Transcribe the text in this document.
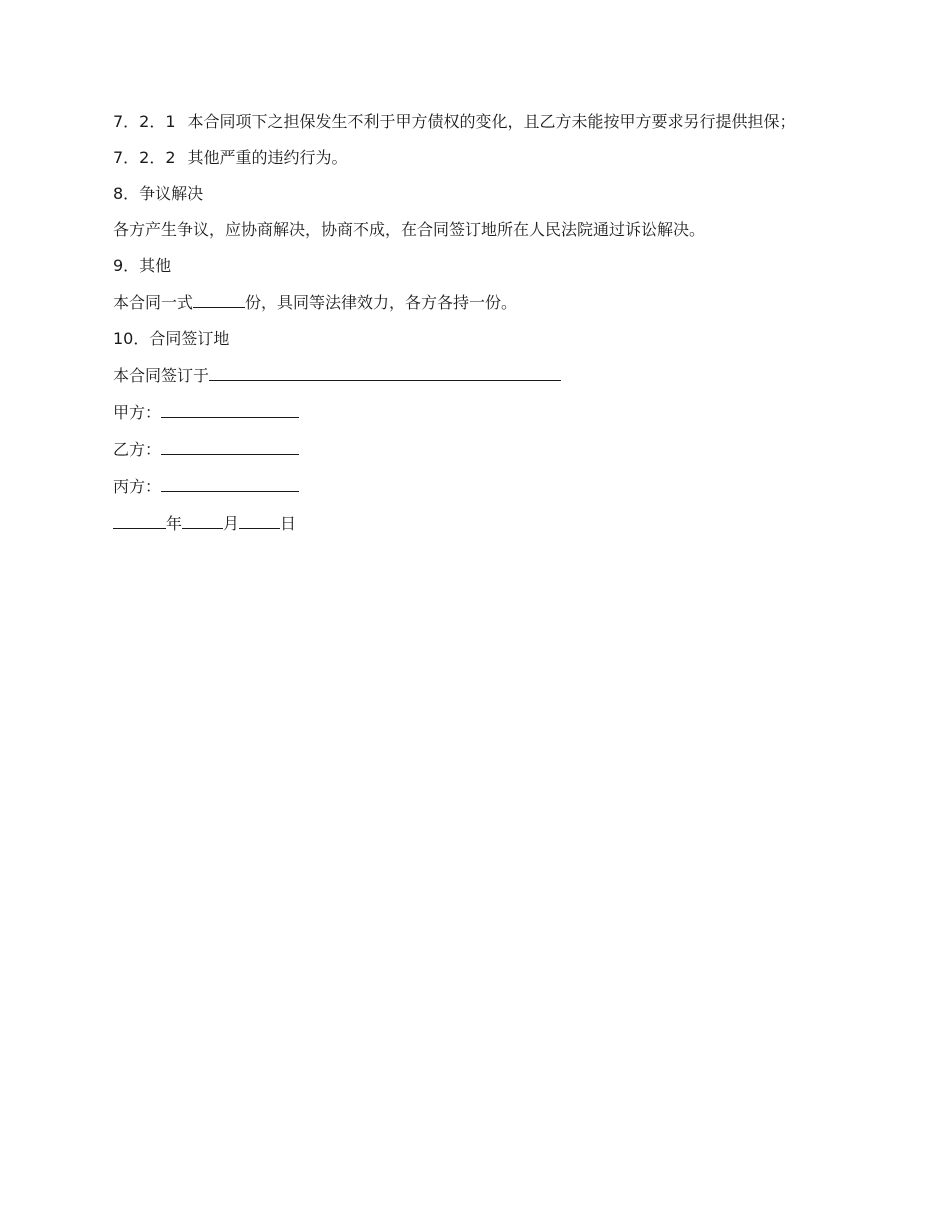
7．2．1 本合同项下之担保发生不利于甲方债权的变化，且乙方未能按甲方要求另行提供担保；

7．2．2 其他严重的违约行为。

8．争议解决

各方产生争议，应协商解决，协商不成，在合同签订地所在人民法院通过诉讼解决。

9．其他

本合同一式	份，具同等法律效力，各方各持一份。

10．合同签订地

本合同签订于

甲方：

乙方：

丙方：

年	月	日
